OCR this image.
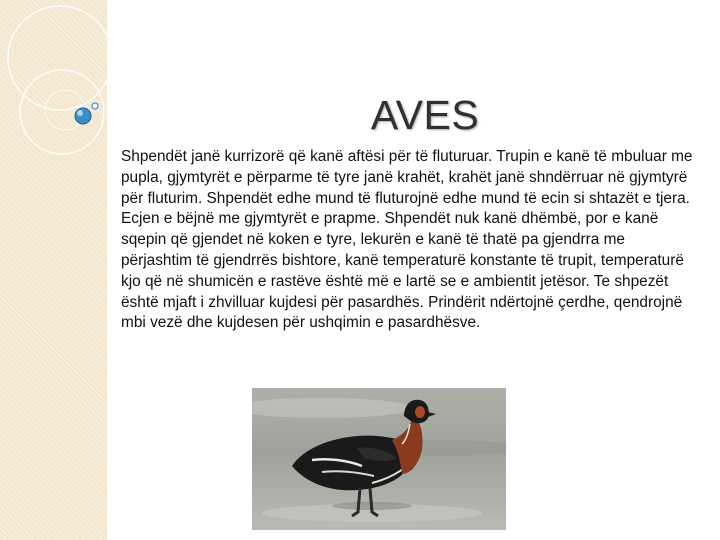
AVES
Shpendët janë kurrizorë që kanë aftësi për të fluturuar. Trupin e kanë të mbuluar me pupla, gjymtyrët e përparme të tyre janë krahët, krahët janë shndërruar në gjymtyrë për fluturim. Shpendët edhe mund të fluturojnë edhe mund të ecin si shtazët e tjera. Ecjen e bëjnë me gjymtyrët e prapme. Shpendët nuk kanë dhëmbë, por e kanë sqepin që gjendet në koken e tyre, lekurën e kanë të thatë pa gjendrra me përjashtim të gjendrrës bishtore, kanë temperaturë konstante të trupit, temperaturë kjo që në shumicën e rastëve është më e lartë se e ambientit jetësor. Te shpezët është mjaft i zhvilluar kujdesi për pasardhës. Prindërit ndërtojnë çerdhe, qendrojnë mbi vezë dhe kujdesen për ushqimin e pasardhësve.
